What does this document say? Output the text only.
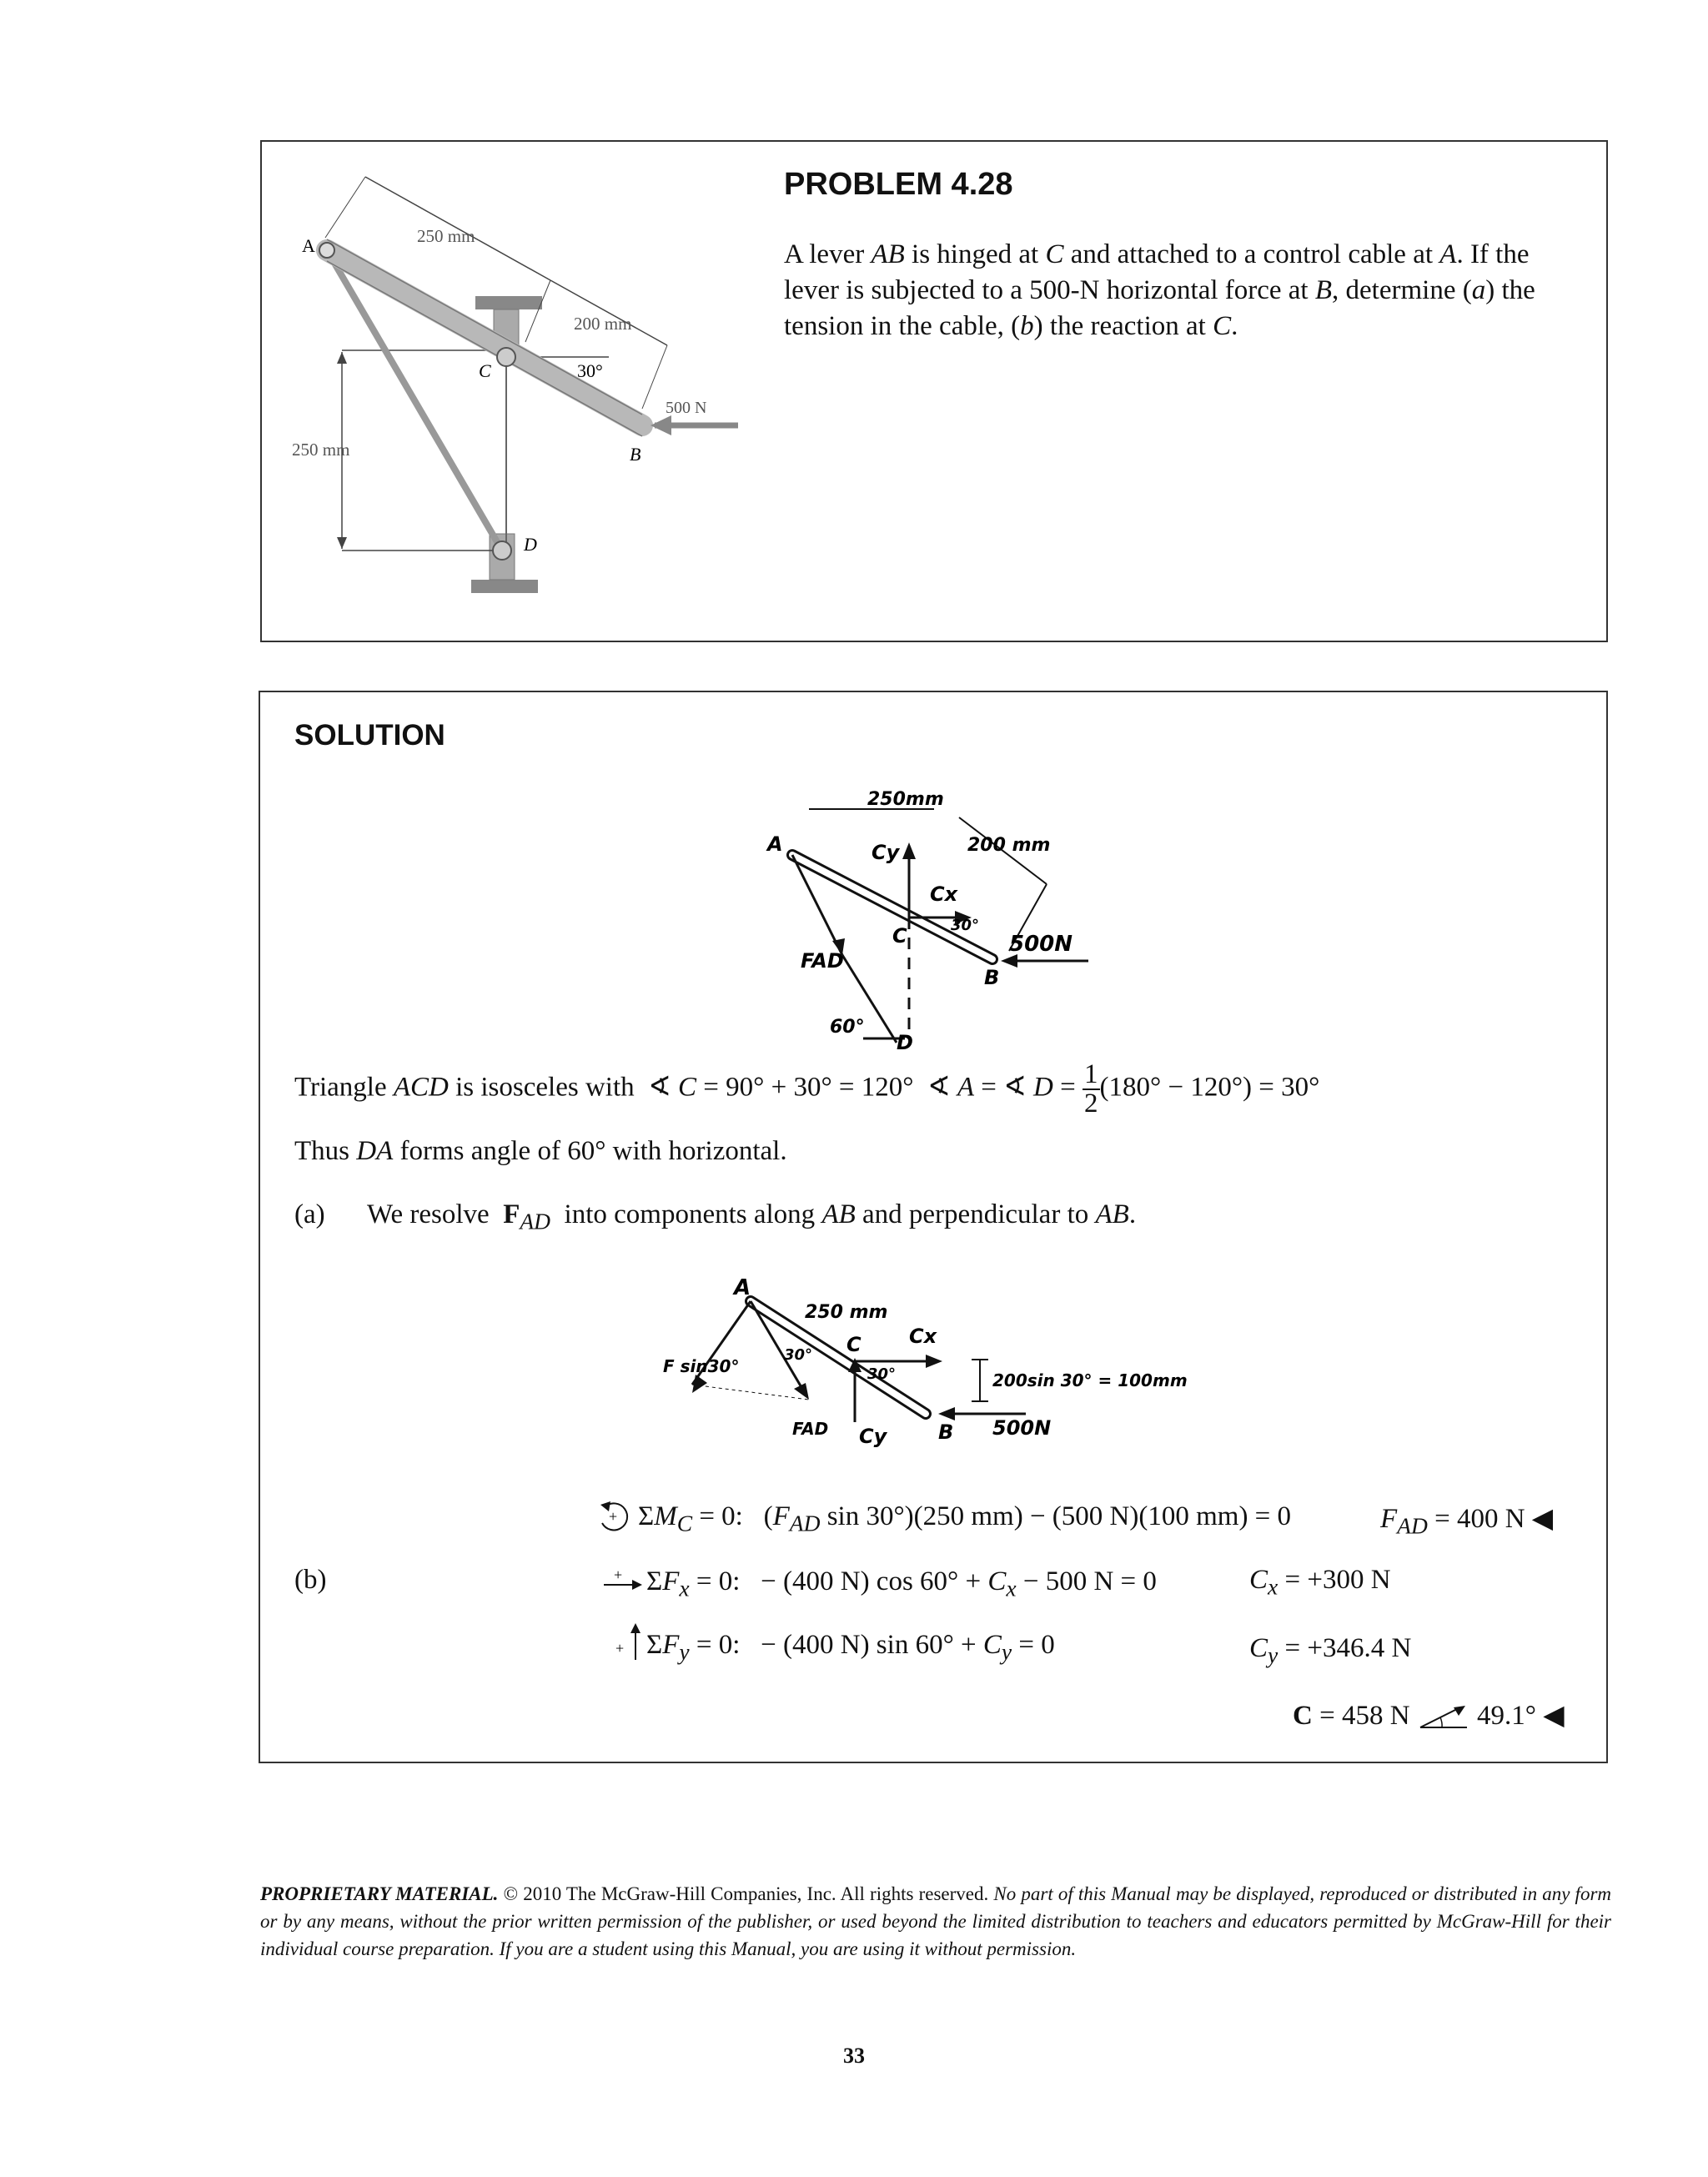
A	250 mm
200 mm
C	30°
500 N
B
250 mm
D
PROBLEM 4.28
A lever AB is hinged at C and attached to a control cable at A. If the lever is subjected to a 500-N horizontal force at B, determine (a) the tension in the cable, (b) the reaction at C.
SOLUTION
250mm
200 mm
A	Cy
Cx
30°
C	500N
B
FAD
60°
D
Triangle ACD is isosceles with  ∢ C = 90° + 30° = 120°  ∢ A = ∢ $D = \frac{1}{2} (180^\circ - 120^\circ) = 30^\circ$
Thus DA forms angle of 60° with horizontal.
(a) We resolve  $F_{AD}$  into components along AB and perpendicular to AB.
A
250 mm
C Cx
30°
30°
F sin30°
FAD Cy	B 500N
200sin 30° = 100mm
+ $\Sigma M_C = 0$:   ($F_{AD}$ sin 30°)(250 mm) − (500 N)(100 mm) = 0	$F_{AD} = 400$ N ◀
(b)	+ $\Sigma F_x = 0$:   − (400 N) $\cos 60^\circ + C_x - 500$ N = 0	$C_x = +300$ N
+ $\Sigma F_y = 0$:   − (400 N) $\sin 60^\circ + C_y = 0$	$C_y = +346.4$ N
C = 458 N 49.1° ◀
PROPRIETARY MATERIAL. © 2010 The McGraw-Hill Companies, Inc. All rights reserved. No part of this Manual may be displayed, reproduced or distributed in any form or by any means, without the prior written permission of the publisher, or used beyond the limited distribution to teachers and educators permitted by McGraw-Hill for their individual course preparation. If you are a student using this Manual, you are using it without permission.
33
